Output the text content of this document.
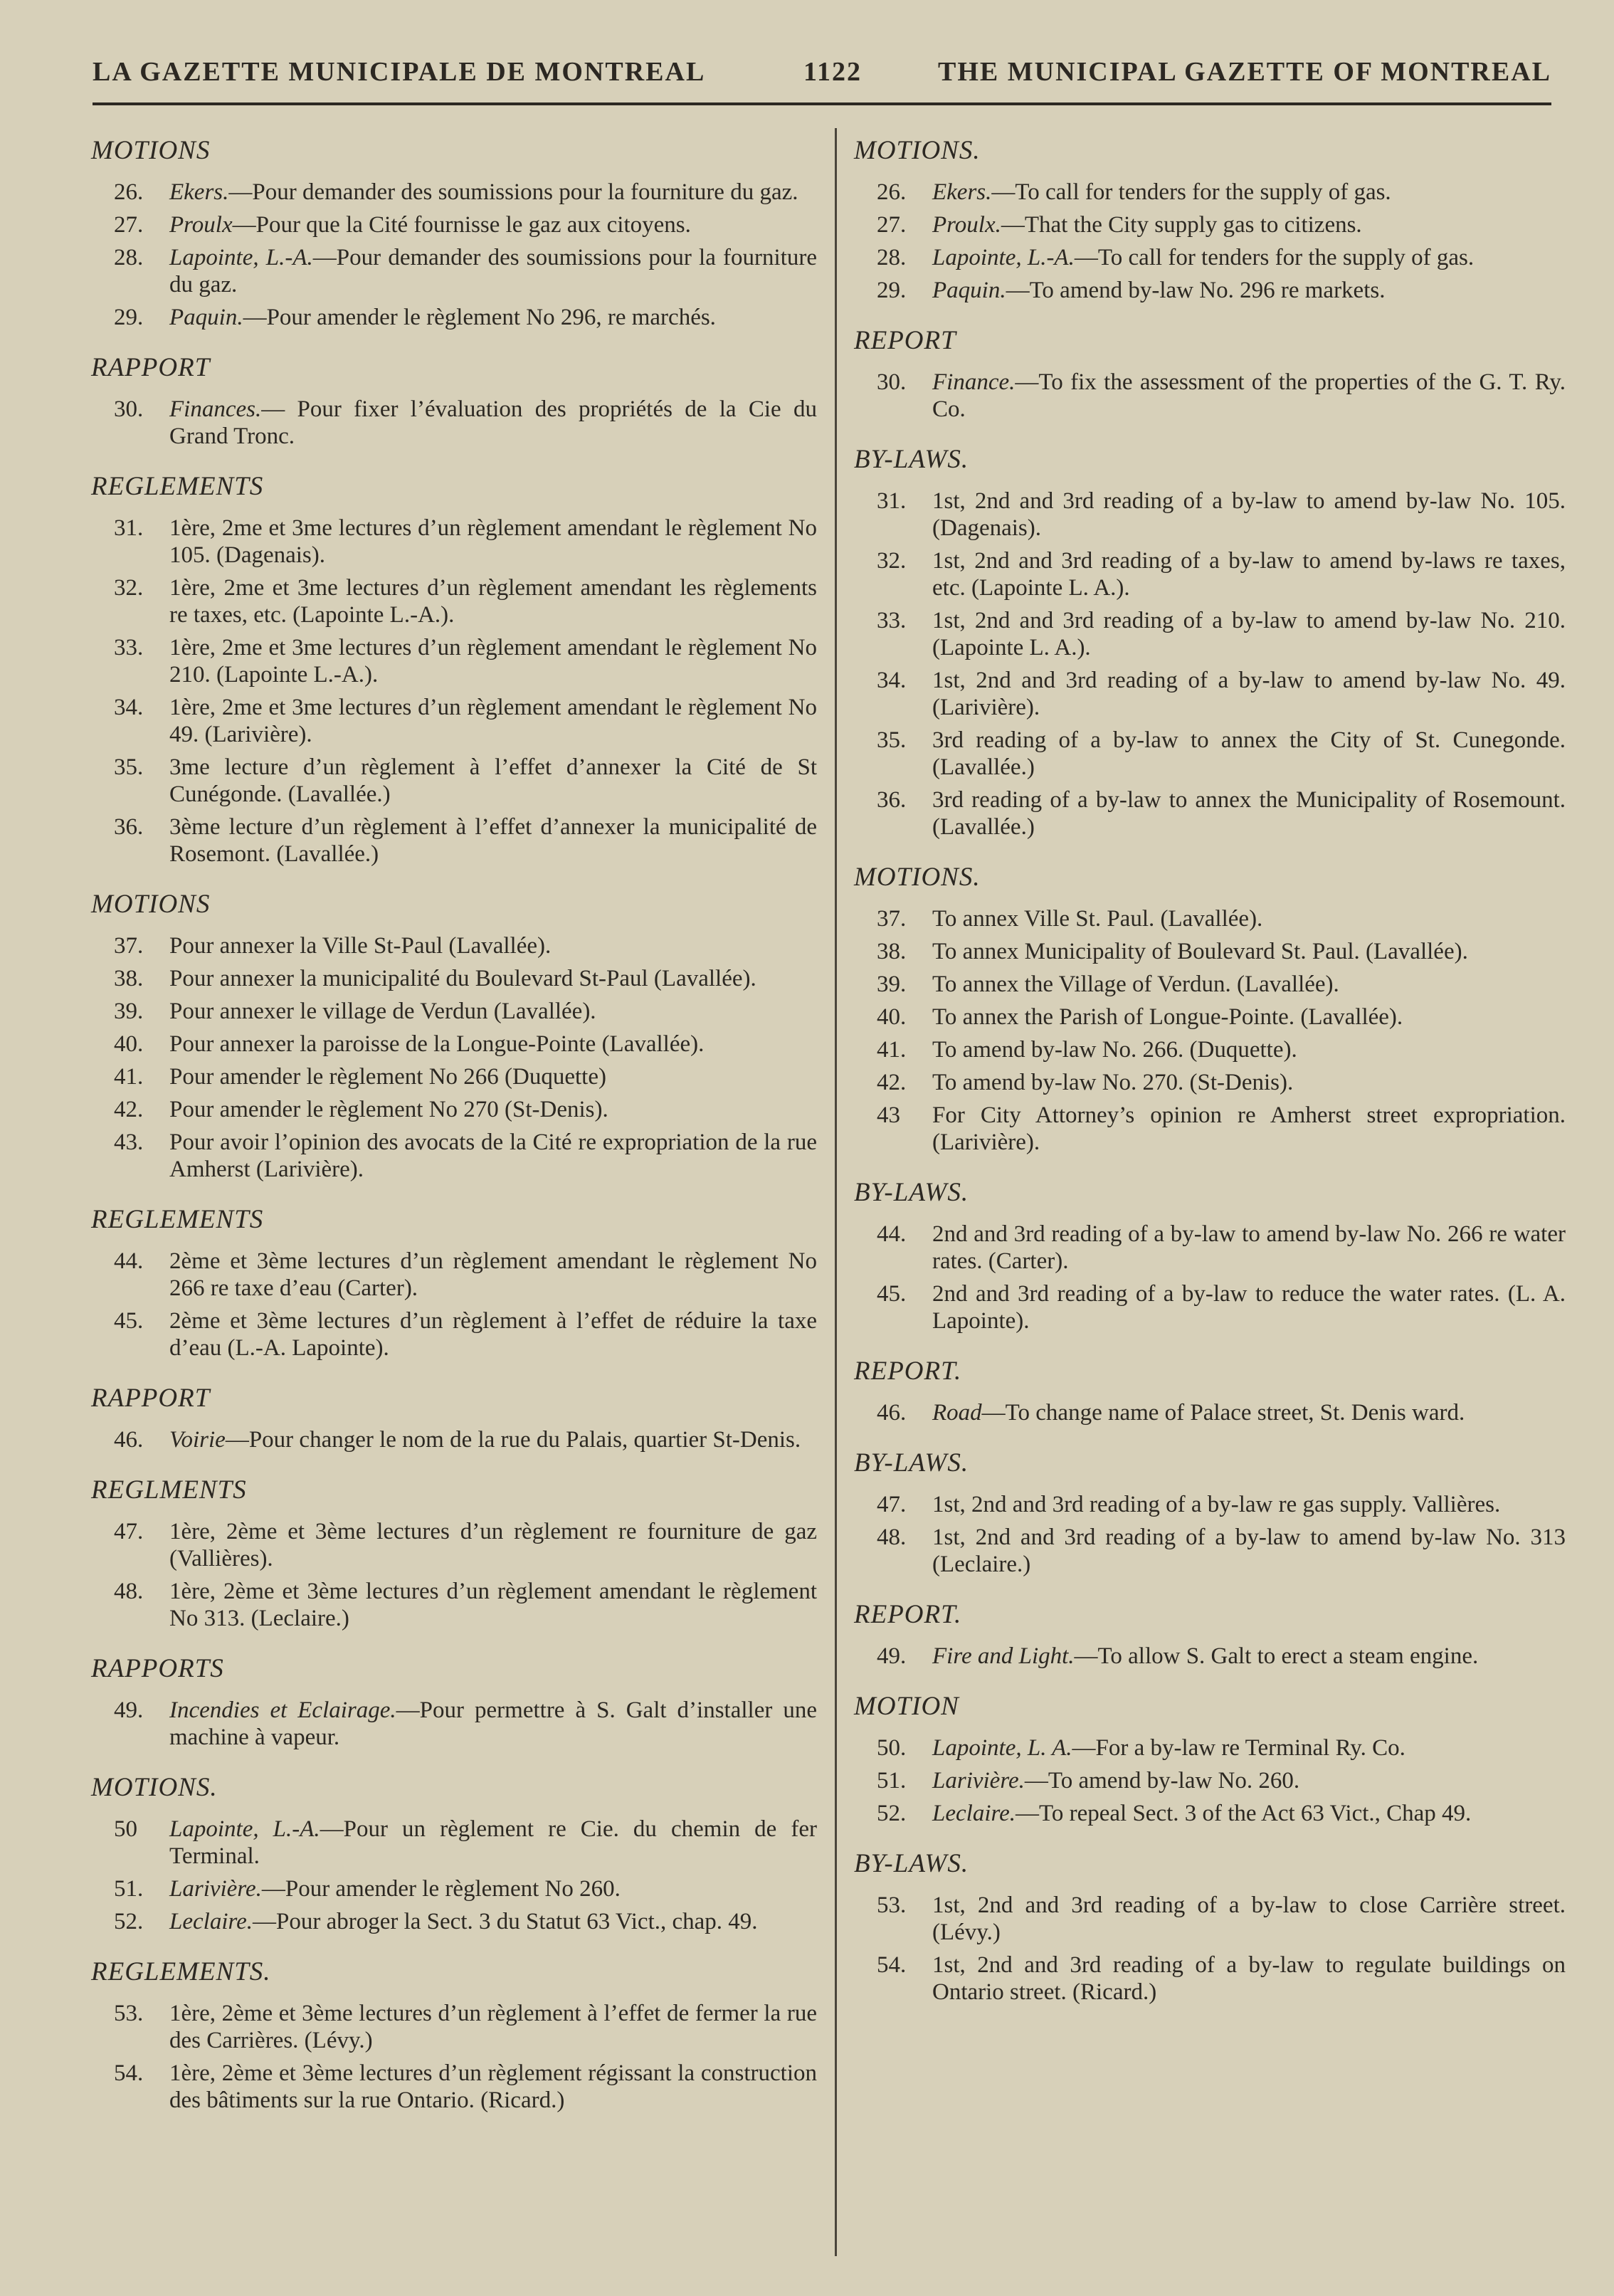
LA GAZETTE MUNICIPALE DE MONTREAL	1122	THE MUNICIPAL GAZETTE OF MONTREAL
MOTIONS
26.	Ekers.—Pour demander des soumissions pour la fourniture du gaz.
27.	Proulx—Pour que la Cité fournisse le gaz aux citoyens.
28.	Lapointe, L.-A.—Pour demander des soumissions pour la fourniture du gaz.
29.	Paquin.—Pour amender le règlement No 296, re marchés.
RAPPORT
30.	Finances.— Pour fixer l’évaluation des propriétés de la Cie du Grand Tronc.
REGLEMENTS
31.	1ère, 2me et 3me lectures d’un règlement amendant le règlement No 105. (Dagenais).
32.	1ère, 2me et 3me lectures d’un règlement amendant les règlements re taxes, etc. (Lapointe L.-A.).
33.	1ère, 2me et 3me lectures d’un règlement amendant le règlement No 210. (Lapointe L.-A.).
34.	1ère, 2me et 3me lectures d’un règlement amendant le règlement No 49. (Larivière).
35.	3me lecture d’un règlement à l’effet d’annexer la Cité de St Cunégonde. (Lavallée.)
36.	3ème lecture d’un règlement à l’effet d’annexer la municipalité de Rosemont. (Lavallée.)
MOTIONS
37.	Pour annexer la Ville St-Paul (Lavallée).
38.	Pour annexer la municipalité du Boulevard St-Paul (Lavallée).
39.	Pour annexer le village de Verdun (Lavallée).
40.	Pour annexer la paroisse de la Longue-Pointe (Lavallée).
41.	Pour amender le règlement No 266 (Duquette)
42.	Pour amender le règlement No 270 (St-Denis).
43.	Pour avoir l’opinion des avocats de la Cité re expropriation de la rue Amherst (Larivière).
REGLEMENTS
44.	2ème et 3ème lectures d’un règlement amendant le règlement No 266 re taxe d’eau (Carter).
45.	2ème et 3ème lectures d’un règlement à l’effet de réduire la taxe d’eau (L.-A. Lapointe).
RAPPORT
46.	Voirie—Pour changer le nom de la rue du Palais, quartier St-Denis.
REGLMENTS
47.	1ère, 2ème et 3ème lectures d’un règlement re fourniture de gaz (Vallières).
48.	1ère, 2ème et 3ème lectures d’un règlement amendant le règlement No 313. (Leclaire.)
RAPPORTS
49.	Incendies et Eclairage.—Pour permettre à S. Galt d’installer une machine à vapeur.
MOTIONS.
50	Lapointe, L.-A.—Pour un règlement re Cie. du chemin de fer Terminal.
51.	Larivière.—Pour amender le règlement No 260.
52.	Leclaire.—Pour abroger la Sect. 3 du Statut 63 Vict., chap. 49.
REGLEMENTS.
53.	1ère, 2ème et 3ème lectures d’un règlement à l’effet de fermer la rue des Carrières. (Lévy.)
54.	1ère, 2ème et 3ème lectures d’un règlement régissant la construction des bâtiments sur la rue Ontario. (Ricard.)
MOTIONS.
26.	Ekers.—To call for tenders for the supply of gas.
27.	Proulx.—That the City supply gas to citizens.
28.	Lapointe, L.-A.—To call for tenders for the supply of gas.
29.	Paquin.—To amend by-law No. 296 re markets.
REPORT
30.	Finance.—To fix the assessment of the properties of the G. T. Ry. Co.
BY-LAWS.
31.	1st, 2nd and 3rd reading of a by-law to amend by-law No. 105. (Dagenais).
32.	1st, 2nd and 3rd reading of a by-law to amend by-laws re taxes, etc. (Lapointe L. A.).
33.	1st, 2nd and 3rd reading of a by-law to amend by-law No. 210. (Lapointe L. A.).
34.	1st, 2nd and 3rd reading of a by-law to amend by-law No. 49. (Larivière).
35.	3rd reading of a by-law to annex the City of St. Cunegonde. (Lavallée.)
36.	3rd reading of a by-law to annex the Municipality of Rosemount. (Lavallée.)
MOTIONS.
37.	To annex Ville St. Paul. (Lavallée).
38.	To annex Municipality of Boulevard St. Paul. (Lavallée).
39.	To annex the Village of Verdun. (Lavallée).
40.	To annex the Parish of Longue-Pointe. (Lavallée).
41.	To amend by-law No. 266. (Duquette).
42.	To amend by-law No. 270. (St-Denis).
43	For City Attorney’s opinion re Amherst street expropriation. (Larivière).
BY-LAWS.
44.	2nd and 3rd reading of a by-law to amend by-law No. 266 re water rates. (Carter).
45.	2nd and 3rd reading of a by-law to reduce the water rates. (L. A. Lapointe).
REPORT.
46.	Road—To change name of Palace street, St. Denis ward.
BY-LAWS.
47.	1st, 2nd and 3rd reading of a by-law re gas supply. Vallières.
48.	1st, 2nd and 3rd reading of a by-law to amend by-law No. 313 (Leclaire.)
REPORT.
49.	Fire and Light.—To allow S. Galt to erect a steam engine.
MOTION
50.	Lapointe, L. A.—For a by-law re Terminal Ry. Co.
51.	Larivière.—To amend by-law No. 260.
52.	Leclaire.—To repeal Sect. 3 of the Act 63 Vict., Chap 49.
BY-LAWS.
53.	1st, 2nd and 3rd reading of a by-law to close Carrière street. (Lévy.)
54.	1st, 2nd and 3rd reading of a by-law to regulate buildings on Ontario street. (Ricard.)
